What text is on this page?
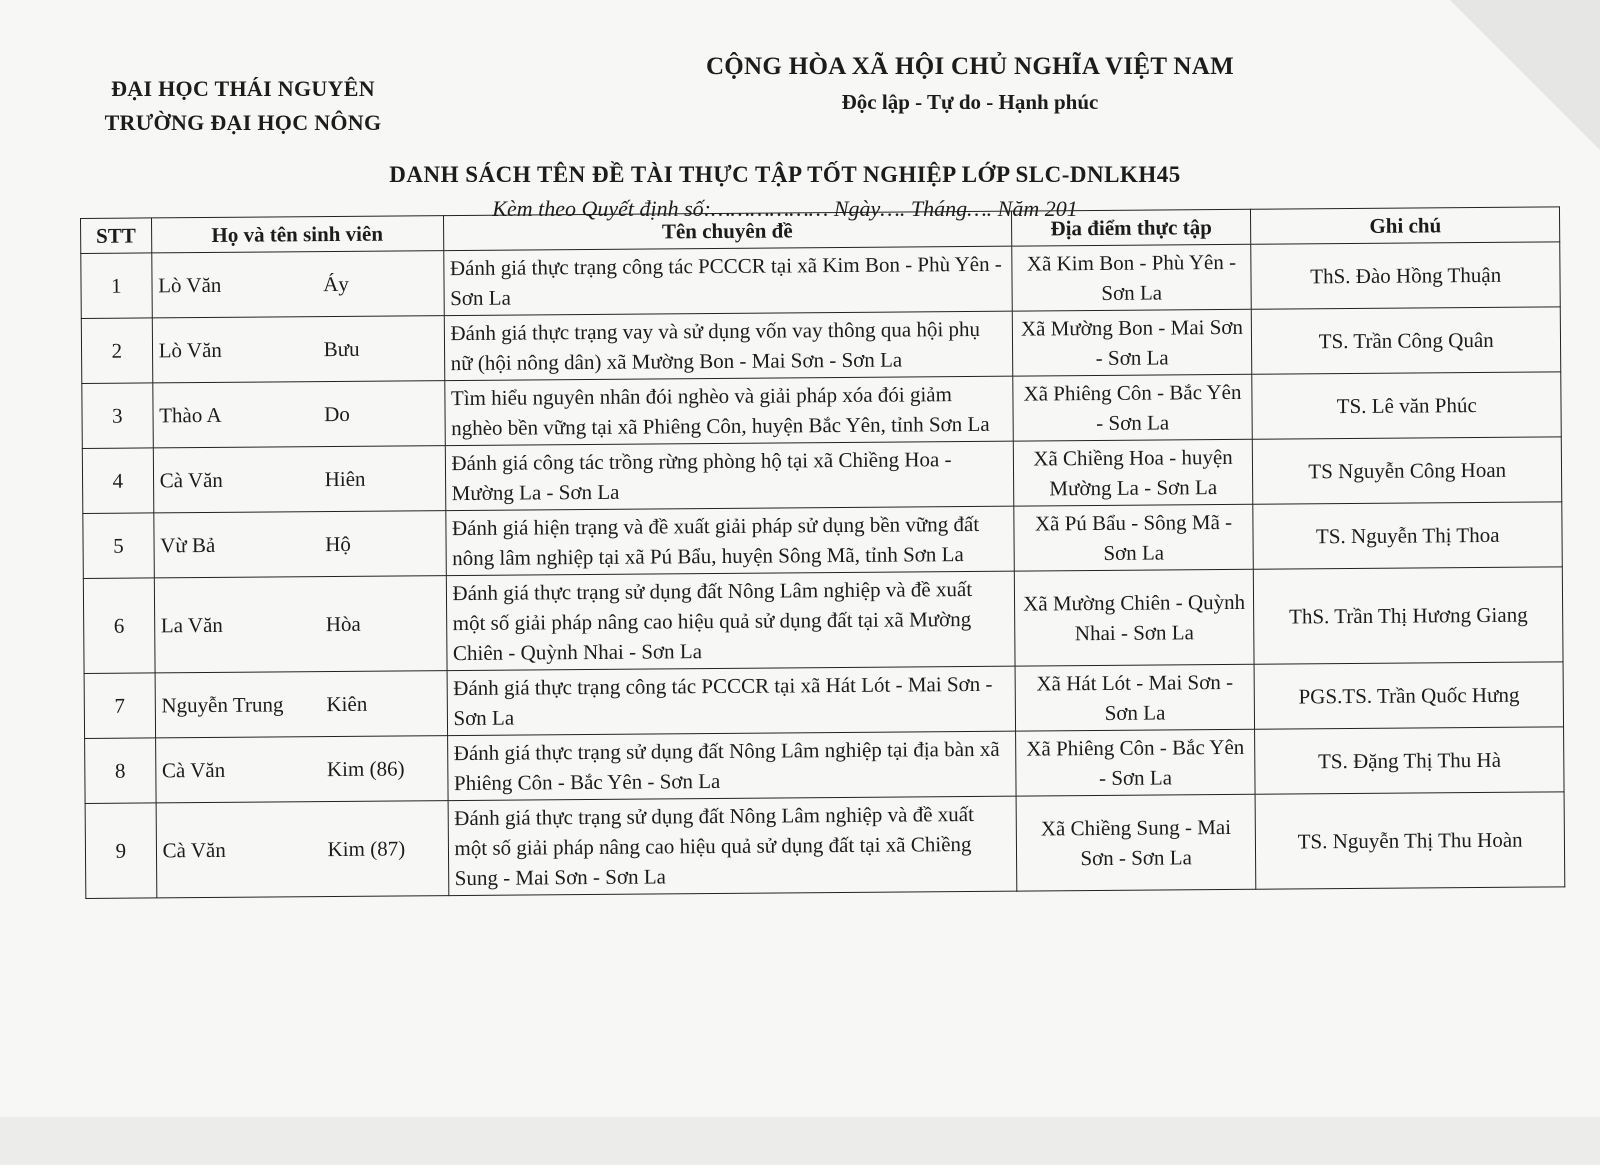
ĐẠI HỌC THÁI NGUYÊN
TRƯỜNG ĐẠI HỌC NÔNG
CỘNG HÒA XÃ HỘI CHỦ NGHĨA VIỆT NAM
Độc lập - Tự do - Hạnh phúc
DANH SÁCH TÊN ĐỀ TÀI THỰC TẬP TỐT NGHIỆP LỚP SLC-DNLKH45
Kèm theo Quyết định số:……………… Ngày…. Tháng…. Năm 201
STT	Họ và tên sinh viên	Tên chuyên đề	Địa điểm thực tập	Ghi chú
1	Lò Văn Áy	Đánh giá thực trạng công tác PCCCR tại xã Kim Bon - Phù Yên - Sơn La	Xã Kim Bon - Phù Yên - Sơn La	ThS. Đào Hồng Thuận
2	Lò Văn Bưu	Đánh giá thực trạng vay và sử dụng vốn vay thông qua hội phụ nữ (hội nông dân) xã Mường Bon - Mai Sơn - Sơn La	Xã Mường Bon - Mai Sơn - Sơn La	TS. Trần Công Quân
3	Thào A Do	Tìm hiểu nguyên nhân đói nghèo và giải pháp xóa đói giảm nghèo bền vững tại xã Phiêng Côn, huyện Bắc Yên, tỉnh Sơn La	Xã Phiêng Côn - Bắc Yên - Sơn La	TS. Lê văn Phúc
4	Cà Văn Hiên	Đánh giá công tác trồng rừng phòng hộ tại xã Chiềng Hoa - Mường La - Sơn La	Xã Chiềng Hoa - huyện Mường La - Sơn La	TS Nguyễn Công Hoan
5	Vừ Bả Hộ	Đánh giá hiện trạng và đề xuất giải pháp sử dụng bền vững đất nông lâm nghiệp tại xã Pú Bẩu, huyện Sông Mã, tỉnh Sơn La	Xã Pú Bẩu - Sông Mã - Sơn La	TS. Nguyễn Thị Thoa
6	La Văn Hòa	Đánh giá thực trạng sử dụng đất Nông Lâm nghiệp và đề xuất một số giải pháp nâng cao hiệu quả sử dụng đất tại xã Mường Chiên - Quỳnh Nhai - Sơn La	Xã Mường Chiên - Quỳnh Nhai - Sơn La	ThS. Trần Thị Hương Giang
7	Nguyễn Trung Kiên	Đánh giá thực trạng công tác PCCCR tại xã Hát Lót - Mai Sơn - Sơn La	Xã Hát Lót - Mai Sơn - Sơn La	PGS.TS. Trần Quốc Hưng
8	Cà Văn Kim (86)	Đánh giá thực trạng sử dụng đất Nông Lâm nghiệp tại địa bàn xã Phiêng Côn - Bắc Yên - Sơn La	Xã Phiêng Côn - Bắc Yên - Sơn La	TS. Đặng Thị Thu Hà
9	Cà Văn Kim (87)	Đánh giá thực trạng sử dụng đất Nông Lâm nghiệp và đề xuất một số giải pháp nâng cao hiệu quả sử dụng đất tại xã Chiềng Sung - Mai Sơn - Sơn La	Xã Chiềng Sung - Mai Sơn - Sơn La	TS. Nguyễn Thị Thu Hoàn
